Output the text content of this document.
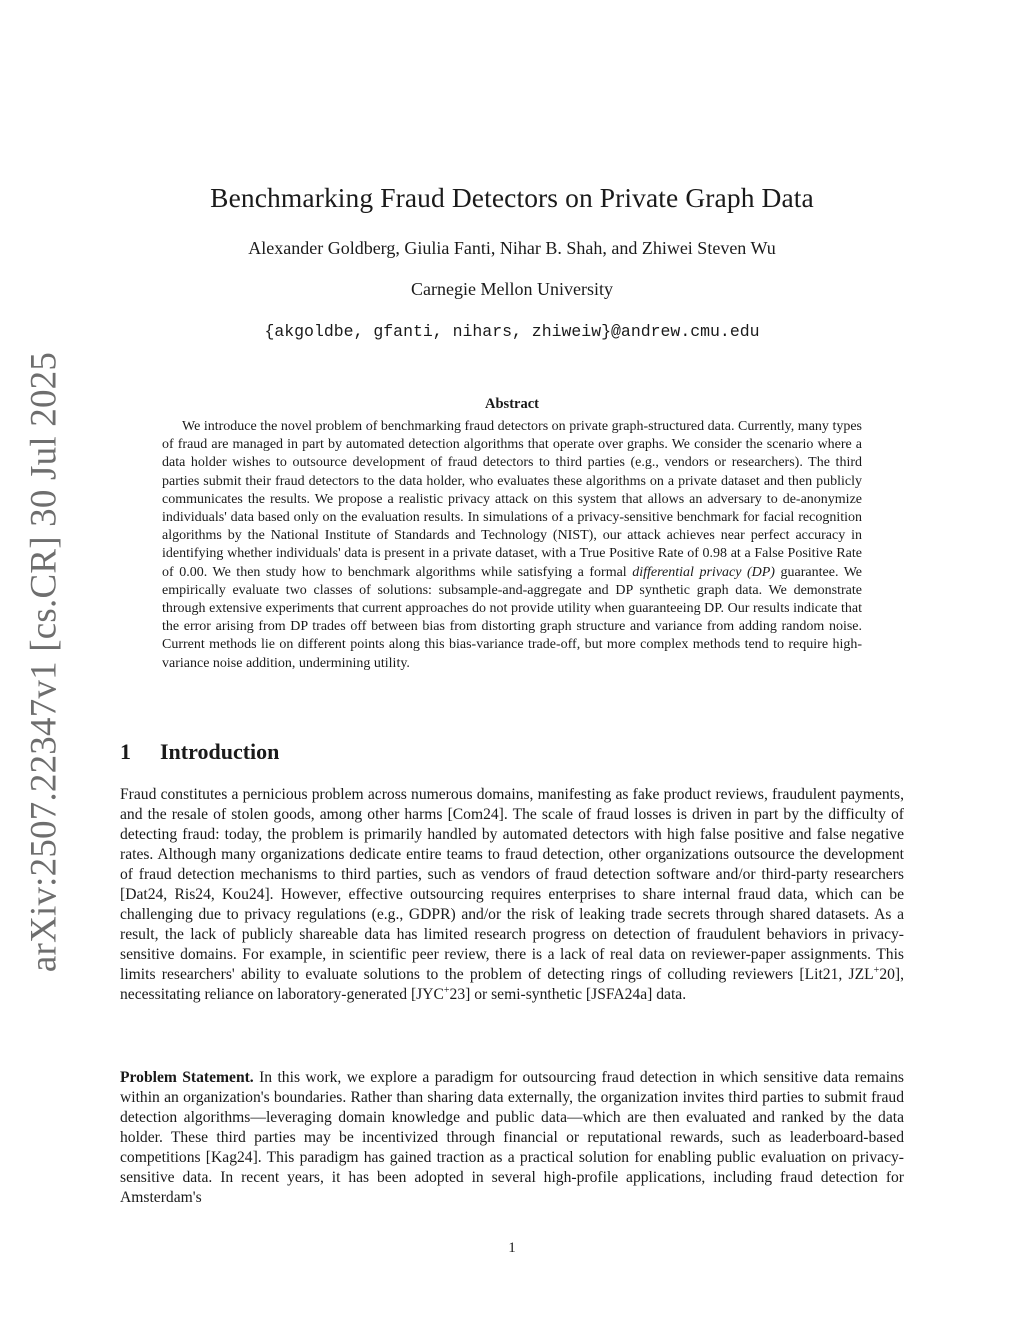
arXiv:2507.22347v1 [cs.CR] 30 Jul 2025
Benchmarking Fraud Detectors on Private Graph Data
Alexander Goldberg, Giulia Fanti, Nihar B. Shah, and Zhiwei Steven Wu
Carnegie Mellon University
{akgoldbe, gfanti, nihars, zhiweiw}@andrew.cmu.edu
Abstract

We introduce the novel problem of benchmarking fraud detectors on private graph-structured data. Currently, many types of fraud are managed in part by automated detection algorithms that operate over graphs. We consider the scenario where a data holder wishes to outsource development of fraud detectors to third parties (e.g., vendors or researchers). The third parties submit their fraud detectors to the data holder, who evaluates these algorithms on a private dataset and then publicly communicates the results. We propose a realistic privacy attack on this system that allows an adversary to de-anonymize individuals' data based only on the evaluation results. In simulations of a privacy-sensitive benchmark for facial recognition algorithms by the National Institute of Standards and Technology (NIST), our attack achieves near perfect accuracy in identifying whether individuals' data is present in a private dataset, with a True Positive Rate of 0.98 at a False Positive Rate of 0.00. We then study how to benchmark algorithms while satisfying a formal differential privacy (DP) guarantee. We empirically evaluate two classes of solutions: subsample-and-aggregate and DP synthetic graph data. We demonstrate through extensive experiments that current approaches do not provide utility when guaranteeing DP. Our results indicate that the error arising from DP trades off between bias from distorting graph structure and variance from adding random noise. Current methods lie on different points along this bias-variance trade-off, but more complex methods tend to require high-variance noise addition, undermining utility.

1 Introduction

Fraud constitutes a pernicious problem across numerous domains, manifesting as fake product reviews, fraudulent payments, and the resale of stolen goods, among other harms [Com24]. The scale of fraud losses is driven in part by the difficulty of detecting fraud: today, the problem is primarily handled by automated detectors with high false positive and false negative rates. Although many organizations dedicate entire teams to fraud detection, other organizations outsource the development of fraud detection mechanisms to third parties, such as vendors of fraud detection software and/or third-party researchers [Dat24, Ris24, Kou24]. However, effective outsourcing requires enterprises to share internal fraud data, which can be challenging due to privacy regulations (e.g., GDPR) and/or the risk of leaking trade secrets through shared datasets. As a result, the lack of publicly shareable data has limited research progress on detection of fraudulent behaviors in privacy-sensitive domains. For example, in scientific peer review, there is a lack of real data on reviewer-paper assignments. This limits researchers' ability to evaluate solutions to the problem of detecting rings of colluding reviewers [Lit21, JZL+20], necessitating reliance on laboratory-generated [JYC+23] or semi-synthetic [JSFA24a] data.

Problem Statement. In this work, we explore a paradigm for outsourcing fraud detection in which sensitive data remains within an organization's boundaries. Rather than sharing data externally, the organization invites third parties to submit fraud detection algorithms—leveraging domain knowledge and public data—which are then evaluated and ranked by the data holder. These third parties may be incentivized through financial or reputational rewards, such as leaderboard-based competitions [Kag24]. This paradigm has gained traction as a practical solution for enabling public evaluation on privacy-sensitive data. In recent years, it has been adopted in several high-profile applications, including fraud detection for Amsterdam's

1
